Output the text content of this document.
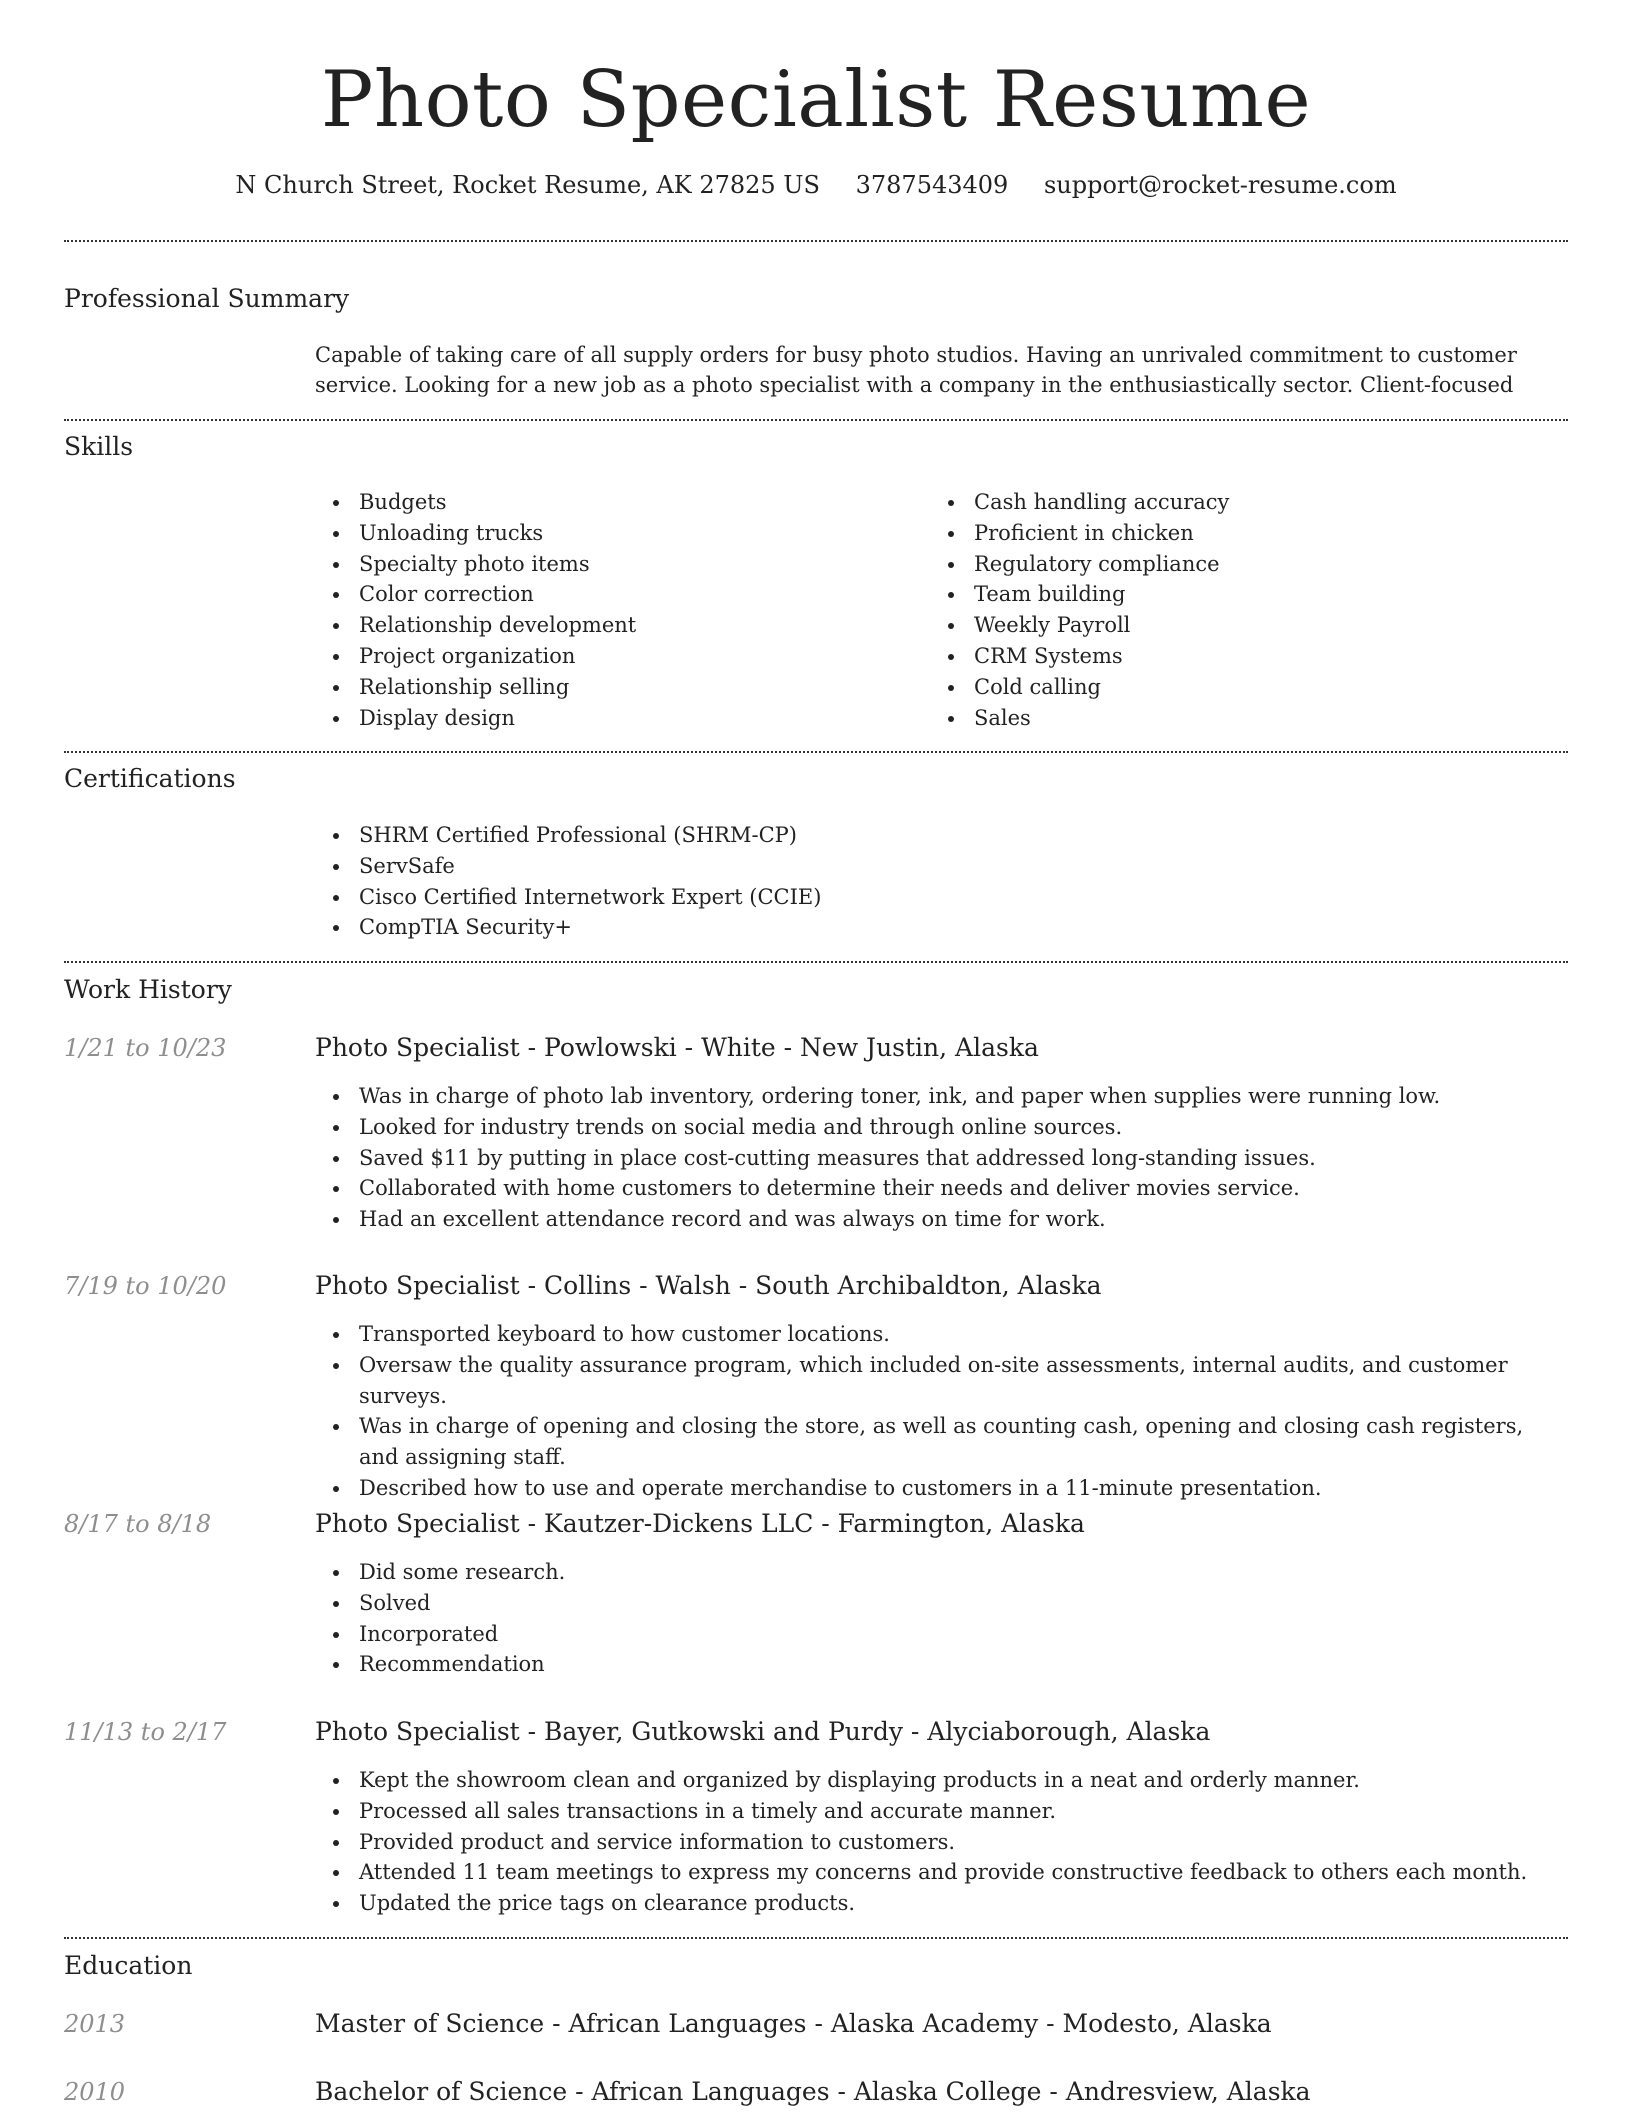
Photo Specialist Resume
N Church Street, Rocket Resume, AK 27825 US 3787543409 support@rocket-resume.com
Professional Summary
Capable of taking care of all supply orders for busy photo studios. Having an unrivaled commitment to customer service. Looking for a new job as a photo specialist with a company in the enthusiastically sector. Client-focused
Skills
Budgets
Unloading trucks
Specialty photo items
Color correction
Relationship development
Project organization
Relationship selling
Display design
Cash handling accuracy
Proficient in chicken
Regulatory compliance
Team building
Weekly Payroll
CRM Systems
Cold calling
Sales
Certifications
SHRM Certified Professional (SHRM-CP)
ServSafe
Cisco Certified Internetwork Expert (CCIE)
CompTIA Security+
Work History
1/21 to 10/23	Photo Specialist - Powlowski - White - New Justin, Alaska
Was in charge of photo lab inventory, ordering toner, ink, and paper when supplies were running low.
Looked for industry trends on social media and through online sources.
Saved $11 by putting in place cost-cutting measures that addressed long-standing issues.
Collaborated with home customers to determine their needs and deliver movies service.
Had an excellent attendance record and was always on time for work.
7/19 to 10/20	Photo Specialist - Collins - Walsh - South Archibaldton, Alaska
Transported keyboard to how customer locations.
Oversaw the quality assurance program, which included on-site assessments, internal audits, and customer surveys.
Was in charge of opening and closing the store, as well as counting cash, opening and closing cash registers, and assigning staff.
Described how to use and operate merchandise to customers in a 11-minute presentation.
8/17 to 8/18	Photo Specialist - Kautzer-Dickens LLC - Farmington, Alaska
Did some research.
Solved
Incorporated
Recommendation
11/13 to 2/17	Photo Specialist - Bayer, Gutkowski and Purdy - Alyciaborough, Alaska
Kept the showroom clean and organized by displaying products in a neat and orderly manner.
Processed all sales transactions in a timely and accurate manner.
Provided product and service information to customers.
Attended 11 team meetings to express my concerns and provide constructive feedback to others each month.
Updated the price tags on clearance products.
Education
2013	Master of Science - African Languages - Alaska Academy - Modesto, Alaska
2010	Bachelor of Science - African Languages - Alaska College - Andresview, Alaska
